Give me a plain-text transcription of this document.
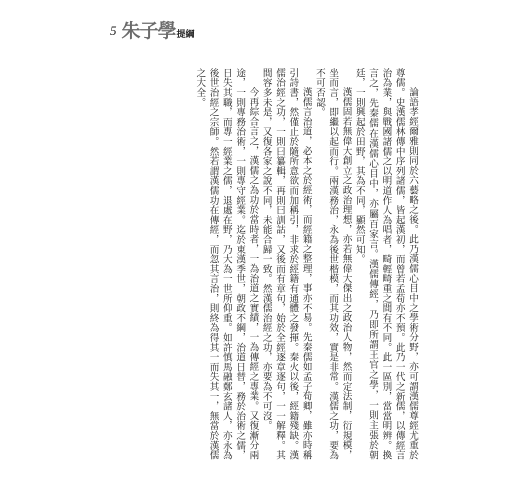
5 朱子學 提綱

論語孝經爾雅則同於六藝略之後。此乃漢儒心目中之學術分野，亦可謂漢儒尊經尤重於尊儒。史漢儒林傳中序列諸儒，皆起漢初，而曾若孟荀亦不預。此乃一代之新儒，以傳經言治為業，與戰國諸儒之以明道作人為唱者，畸輕畸重之間有不同。此一區別，當當明辨。換言之，先秦儒在漢儒心目中，亦屬百家言。漢儒傳經，乃即所謂王官之學，一則主張於朝廷，一則興起於田野，其為不同，顯然可知。

漢儒固若無偉大創立之政治理想，亦若無偉大傑出之政治人物，然而定法制，衍規模，坐而言，即繼以起而行。兩漢務治，永為後世楷模，而其功效，實是非常。漢儒之功，要為不可否認。

漢儒言治道，必本之於經術，而經籍之整理，事亦不易。先秦儒如孟子荀卿，雖亦時稱引詩書，然僅止於隨所意欲而加稱引，非求於經籍有通體之發揮。秦火以後，經籍殘缺。漢儒治經之功，一則曰纂輯，再則曰訓詁，又後而有章句，始於全經逐章逐句，一一解釋。其間容多未是，又復各家之說不同，未能合歸一致。然漢儒治經之功，亦要為不可沒。

今再綜合言之，漢儒之為功於當時者，一為治道之實績，一為傳經之專業。又復漸分兩途，一則專務治術，一則專守經業。迄於東漢季世，朝政不綱，治道日替，務於治術之儒，日失其職，而專一經業之儒，退處在野，乃大為一世所仰重。如許慎馬融鄭玄諸人，亦永為後世治經之宗師。然若謂漢儒功在傳經，而忽其言治，則終為得其一而失其一，無當於漢儒之大全。
